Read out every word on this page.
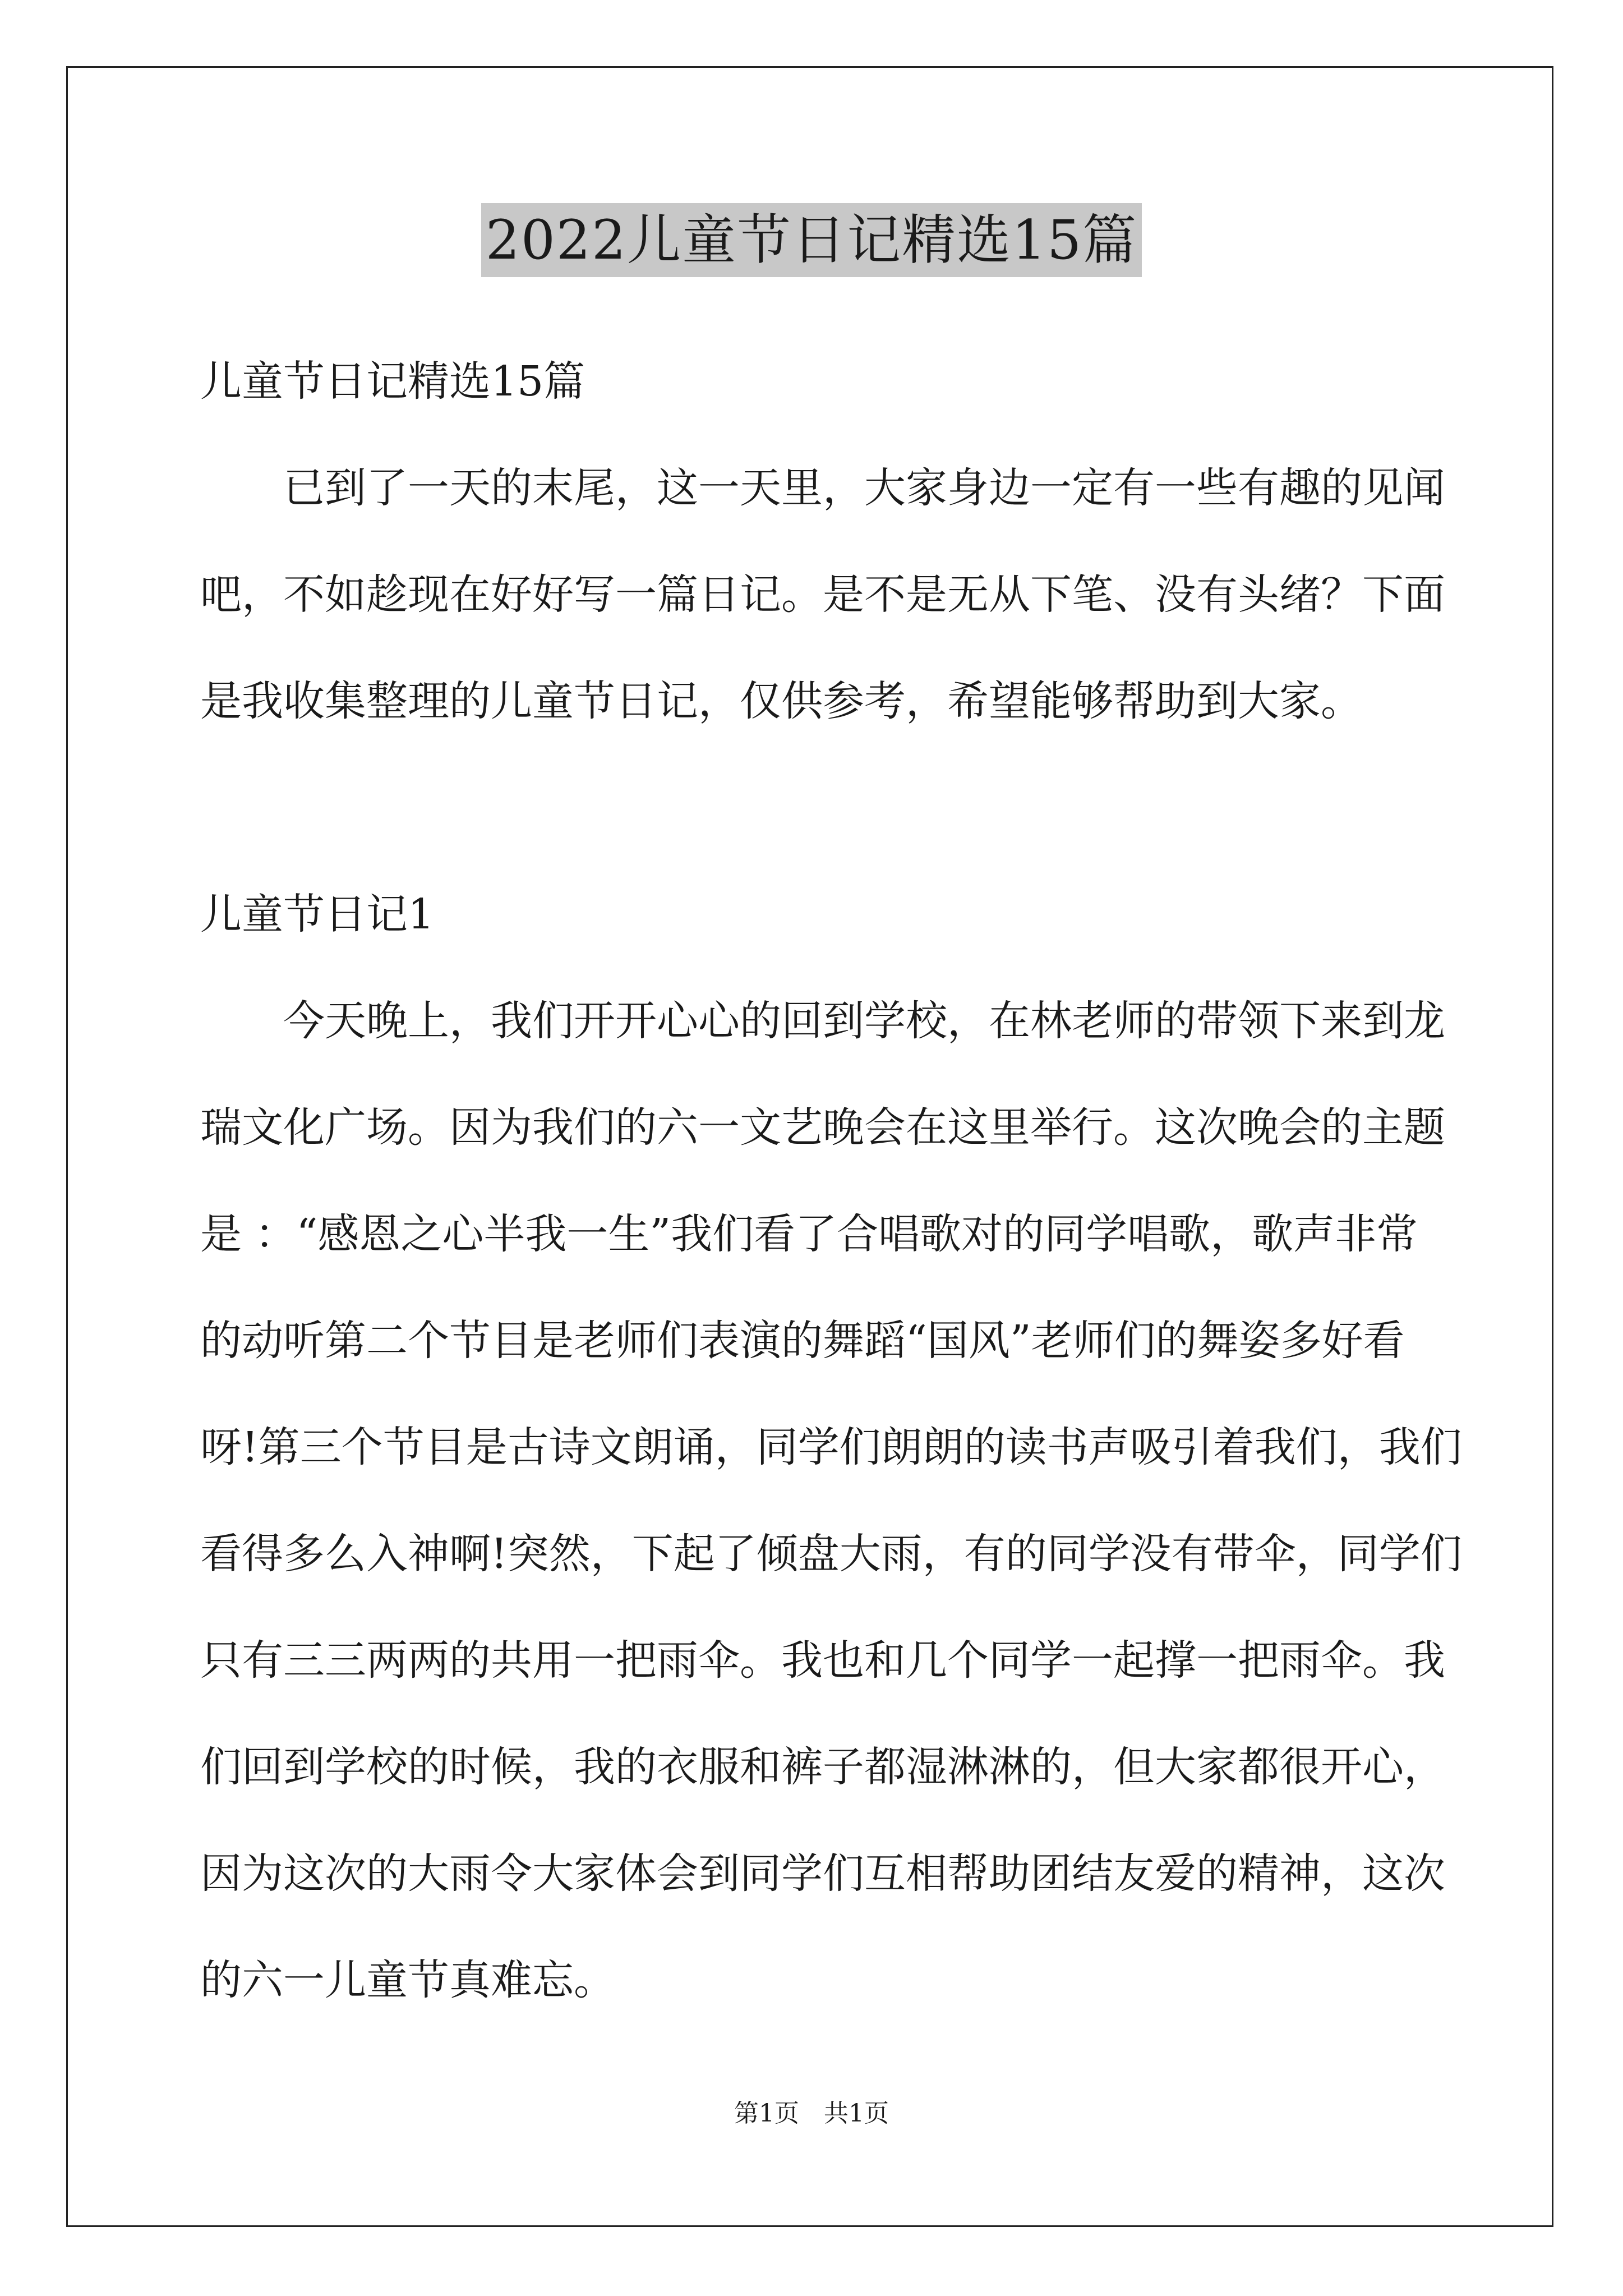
2022儿童节日记精选15篇
儿童节日记精选15篇
　　已到了一天的末尾，这一天里，大家身边一定有一些有趣的见闻
吧，不如趁现在好好写一篇日记。是不是无从下笔、没有头绪？下面
是我收集整理的儿童节日记，仅供参考，希望能够帮助到大家。
儿童节日记1
　　今天晚上，我们开开心心的回到学校，在林老师的带领下来到龙
瑞文化广场。因为我们的六一文艺晚会在这里举行。这次晚会的主题
是 ：“感恩之心半我一生”我们看了合唱歌对的同学唱歌，歌声非常
的动听第二个节目是老师们表演的舞蹈“国风”老师们的舞姿多好看
呀!第三个节目是古诗文朗诵，同学们朗朗的读书声吸引着我们，我们
看得多么入神啊!突然，下起了倾盘大雨，有的同学没有带伞，同学们
只有三三两两的共用一把雨伞。我也和几个同学一起撑一把雨伞。我
们回到学校的时候，我的衣服和裤子都湿淋淋的，但大家都很开心，
因为这次的大雨令大家体会到同学们互相帮助团结友爱的精神，这次
的六一儿童节真难忘。
第1页　共1页
